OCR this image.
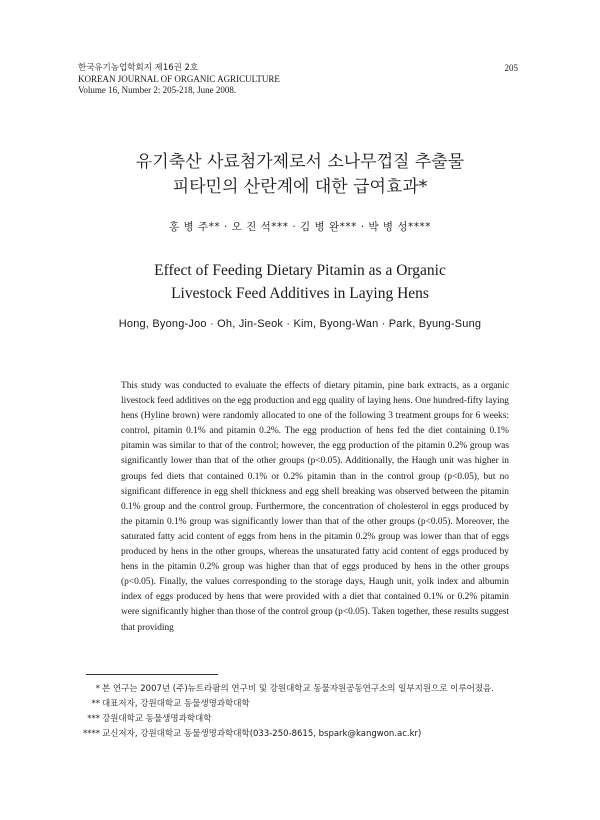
한국유기농업학회지 제16권 2호
KOREAN JOURNAL OF ORGANIC AGRICULTURE
Volume 16, Number 2: 205-218, June 2008.
205
유기축산 사료첨가제로서 소나무껍질 추출물
피타민의 산란계에 대한 급여효과*
홍 병 주** · 오 진 석*** · 김 병 완*** · 박 병 성****
Effect of Feeding Dietary Pitamin as a Organic
Livestock Feed Additives in Laying Hens
Hong, Byong-Joo · Oh, Jin-Seok · Kim, Byong-Wan · Park, Byung-Sung

This study was conducted to evaluate the effects of dietary pitamin, pine bark extracts, as a organic livestock feed additives on the egg production and egg quality of laying hens. One hundred-fifty laying hens (Hyline brown) were randomly allocated to one of the following 3 treatment groups for 6 weeks: control, pitamin 0.1% and pitamin 0.2%. The egg production of hens fed the diet containing 0.1% pitamin was similar to that of the control; however, the egg production of the pitamin 0.2% group was significantly lower than that of the other groups (p<0.05). Additionally, the Haugh unit was higher in groups fed diets that contained 0.1% or 0.2% pitamin than in the control group (p<0.05), but no significant difference in egg shell thickness and egg shell breaking was observed between the pitamin 0.1% group and the control group. Furthermore, the concentration of cholesterol in eggs produced by the pitamin 0.1% group was significantly lower than that of the other groups (p<0.05). Moreover, the saturated fatty acid content of eggs from hens in the pitamin 0.2% group was lower than that of eggs produced by hens in the other groups, whereas the unsaturated fatty acid content of eggs produced by hens in the pitamin 0.2% group was higher than that of eggs produced by hens in the other groups (p<0.05). Finally, the values corresponding to the storage days, Haugh unit, yolk index and albumin index of eggs produced by hens that were provided with a diet that contained 0.1% or 0.2% pitamin were significantly higher than those of the control group (p<0.05). Taken together, these results suggest that providing

* 본 연구는 2007년 (주)뉴트라팜의 연구비 및 강원대학교 동물자원공동연구소의 일부지원으로 이루어졌음.
** 대표저자, 강원대학교 동물생명과학대학
*** 강원대학교 동물생명과학대학
**** 교신저자, 강원대학교 동물생명과학대학(033-250-8615, bspark@kangwon.ac.kr)
